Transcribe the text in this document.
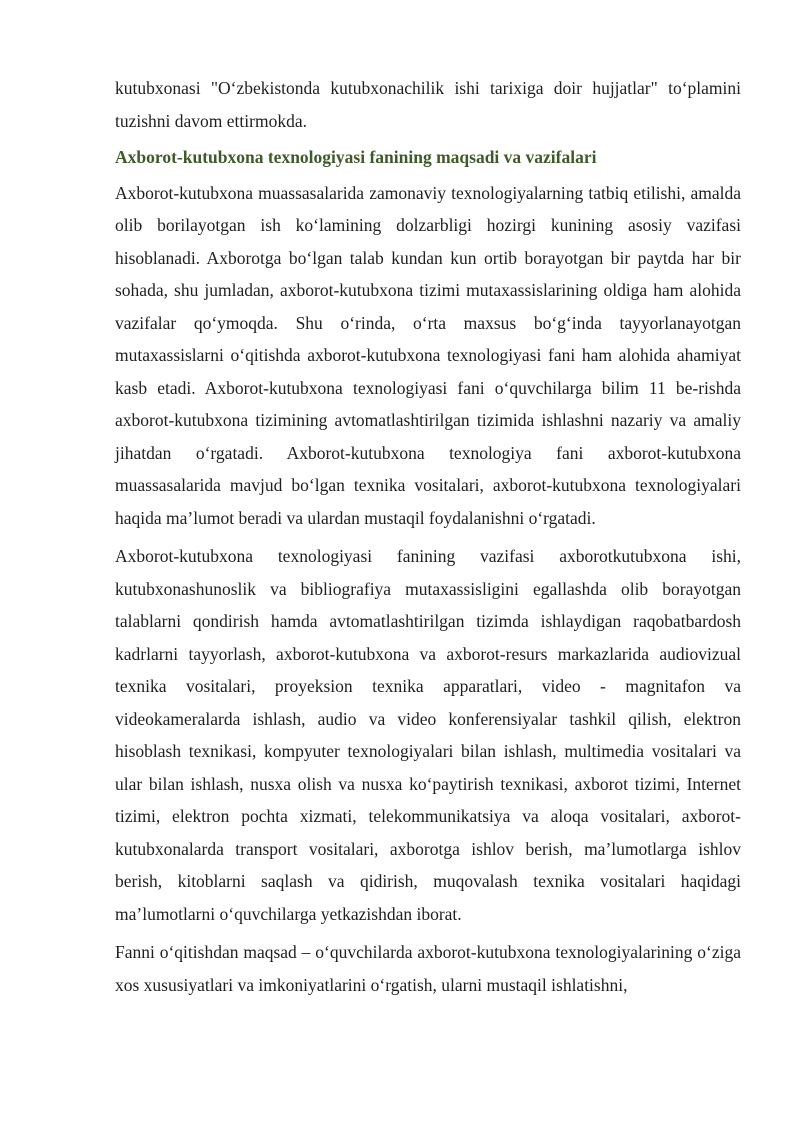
kutubxonasi "O‘zbekistonda kutubxonachilik ishi tarixiga doir hujjatlar" to‘plamini tuzishni davom ettirmokda.

Axborot-kutubxona texnologiyasi fanining maqsadi va vazifalari

Axborot-kutubxona muassasalarida zamonaviy texnologiyalarning tatbiq etilishi, amalda olib borilayotgan ish ko‘lamining dolzarbligi hozirgi kunining asosiy vazifasi hisoblanadi. Axborotga bo‘lgan talab kundan kun ortib borayotgan bir paytda har bir sohada, shu jumladan, axborot-kutubxona tizimi mutaxassislarining oldiga ham alohida vazifalar qo‘ymoqda. Shu o‘rinda, o‘rta maxsus bo‘g‘inda tayyorlanayotgan mutaxassislarni o‘qitishda axborot-kutubxona texnologiyasi fani ham alohida ahamiyat kasb etadi. Axborot-kutubxona texnologiyasi fani o‘quvchilarga bilim 11 be-rishda axborot-kutubxona tizimining avtomatlashtirilgan tizimida ishlashni nazariy va amaliy jihatdan o‘rgatadi. Axborot-kutubxona texnologiya fani axborot-kutubxona muassasalarida mavjud bo‘lgan texnika vositalari, axborot-kutubxona texnologiyalari haqida ma’lumot beradi va ulardan mustaqil foydalanishni o‘rgatadi.

Axborot-kutubxona texnologiyasi fanining vazifasi axborotkutubxona ishi, kutubxonashunoslik va bibliografiya mutaxassisligini egallashda olib borayotgan talablarni qondirish hamda avtomatlashtirilgan tizimda ishlaydigan raqobatbardosh kadrlarni tayyorlash, axborot-kutubxona va axborot-resurs markazlarida audiovizual texnika vositalari, proyeksion texnika apparatlari, video - magnitafon va videokameralarda ishlash, audio va video konferensiyalar tashkil qilish, elektron hisoblash texnikasi, kompyuter texnologiyalari bilan ishlash, multimedia vositalari va ular bilan ishlash, nusxa olish va nusxa ko‘paytirish texnikasi, axborot tizimi, Internet tizimi, elektron pochta xizmati, telekommunikatsiya va aloqa vositalari, axborot-kutubxonalarda transport vositalari, axborotga ishlov berish, ma’lumotlarga ishlov berish, kitoblarni saqlash va qidirish, muqovalash texnika vositalari haqidagi ma’lumotlarni o‘quvchilarga yetkazishdan iborat.

Fanni o‘qitishdan maqsad – o‘quvchilarda axborot-kutubxona texnologiyalarining o‘ziga xos xususiyatlari va imkoniyatlarini o‘rgatish, ularni mustaqil ishlatishni,
